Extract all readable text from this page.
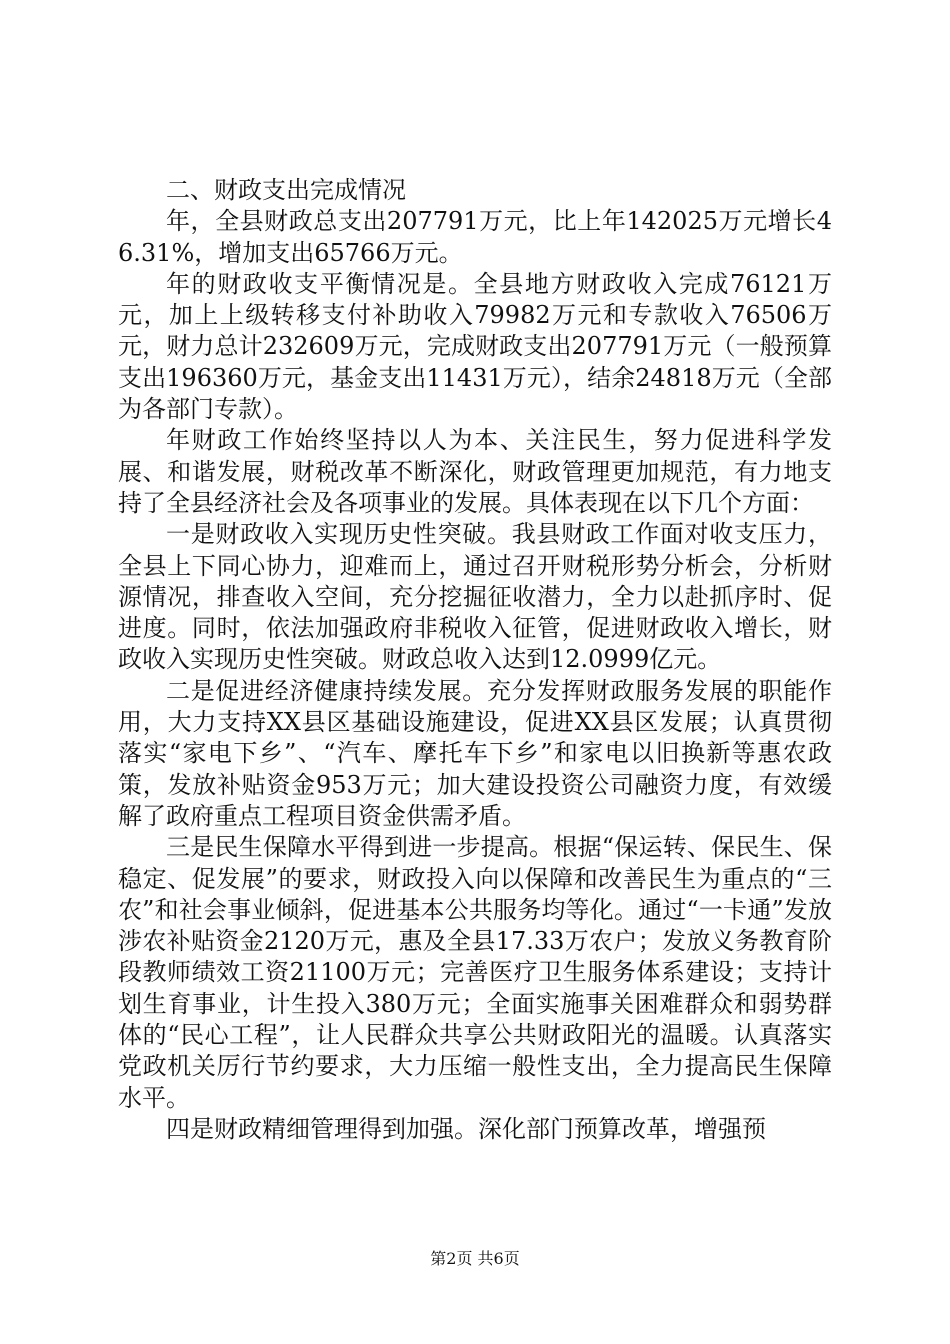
二、财政支出完成情况

年，全县财政总支出207791万元，比上年142025万元增长46.31%，增加支出65766万元。

年的财政收支平衡情况是。全县地方财政收入完成76121万元，加上上级转移支付补助收入79982万元和专款收入76506万元，财力总计232609万元，完成财政支出207791万元（一般预算支出196360万元，基金支出11431万元），结余24818万元（全部为各部门专款）。

年财政工作始终坚持以人为本、关注民生，努力促进科学发展、和谐发展，财税改革不断深化，财政管理更加规范，有力地支持了全县经济社会及各项事业的发展。具体表现在以下几个方面：

一是财政收入实现历史性突破。我县财政工作面对收支压力，全县上下同心协力，迎难而上，通过召开财税形势分析会，分析财源情况，排查收入空间，充分挖掘征收潜力，全力以赴抓序时、促进度。同时，依法加强政府非税收入征管，促进财政收入增长，财政收入实现历史性突破。财政总收入达到12.0999亿元。

二是促进经济健康持续发展。充分发挥财政服务发展的职能作用，大力支持XX县区基础设施建设，促进XX县区发展；认真贯彻落实“家电下乡”、“汽车、摩托车下乡”和家电以旧换新等惠农政策，发放补贴资金953万元；加大建设投资公司融资力度，有效缓解了政府重点工程项目资金供需矛盾。

三是民生保障水平得到进一步提高。根据“保运转、保民生、保稳定、促发展”的要求，财政投入向以保障和改善民生为重点的“三农”和社会事业倾斜，促进基本公共服务均等化。通过“一卡通”发放涉农补贴资金2120万元，惠及全县17.33万农户；发放义务教育阶段教师绩效工资21100万元；完善医疗卫生服务体系建设；支持计划生育事业，计生投入380万元；全面实施事关困难群众和弱势群体的“民心工程”，让人民群众共享公共财政阳光的温暖。认真落实党政机关厉行节约要求，大力压缩一般性支出，全力提高民生保障水平。

四是财政精细管理得到加强。深化部门预算改革，增强预

第2页 共6页
